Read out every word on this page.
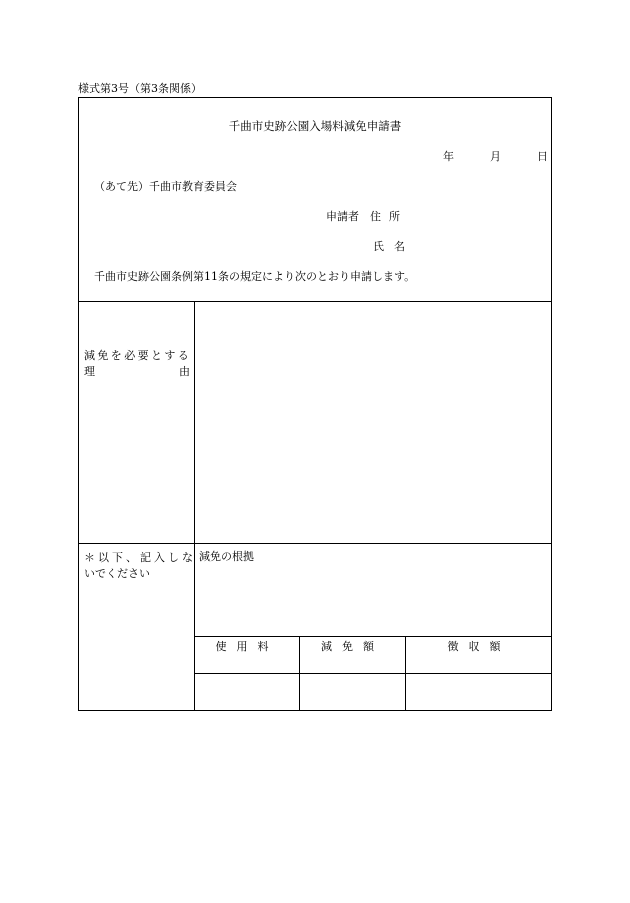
様式第3号（第3条関係）
千曲市史跡公園入場料減免申請書
年	月	日
（あて先）千曲市教育委員会
申請者 住所
氏名
千曲市史跡公園条例第11条の規定により次のとおり申請します。
減免を必要とする
理	由
＊以下、記入しな
いでください
減免の根拠
使用料	減免額	徴収額
